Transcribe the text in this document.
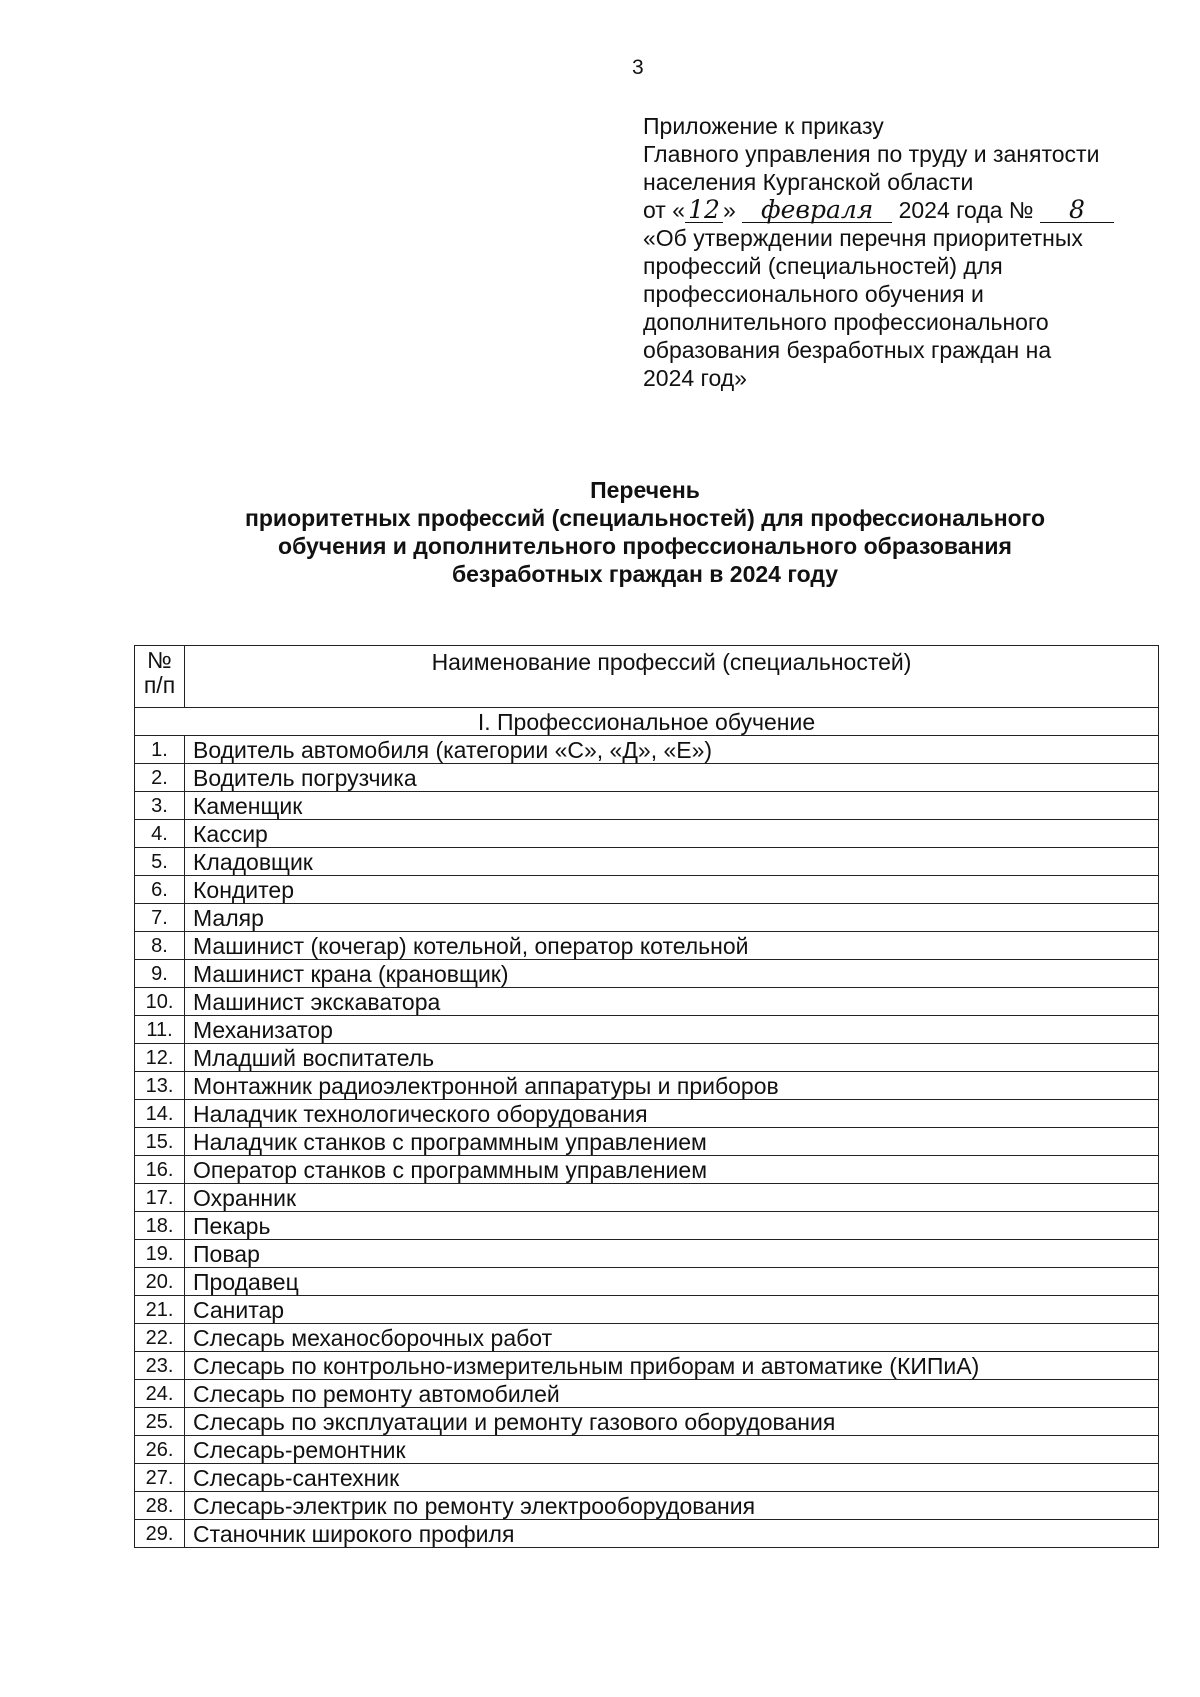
3
Приложение к приказу
Главного управления по труду и занятости
населения Курганской области
от « 12 » февраля 2024 года № 8
«Об утверждении перечня приоритетных
профессий (специальностей) для
профессионального обучения и
дополнительного профессионального
образования безработных граждан на
2024 год»
Перечень
приоритетных профессий (специальностей) для профессионального
обучения и дополнительного профессионального образования
безработных граждан в 2024 году
№
п/п	Наименование профессий (специальностей)
I. Профессиональное обучение	
1.	Водитель автомобиля (категории «С», «Д», «Е»)
2.	Водитель погрузчика
3.	Каменщик
4.	Кассир
5.	Кладовщик
6.	Кондитер
7.	Маляр
8.	Машинист (кочегар) котельной, оператор котельной
9.	Машинист крана (крановщик)
10.	Машинист экскаватора
11.	Механизатор
12.	Младший воспитатель
13.	Монтажник радиоэлектронной аппаратуры и приборов
14.	Наладчик технологического оборудования
15.	Наладчик станков с программным управлением
16.	Оператор станков с программным управлением
17.	Охранник
18.	Пекарь
19.	Повар
20.	Продавец
21.	Санитар
22.	Слесарь механосборочных работ
23.	Слесарь по контрольно-измерительным приборам и автоматике (КИПиА)
24.	Слесарь по ремонту автомобилей
25.	Слесарь по эксплуатации и ремонту газового оборудования
26.	Слесарь-ремонтник
27.	Слесарь-сантехник
28.	Слесарь-электрик по ремонту электрооборудования
29.	Станочник широкого профиля
